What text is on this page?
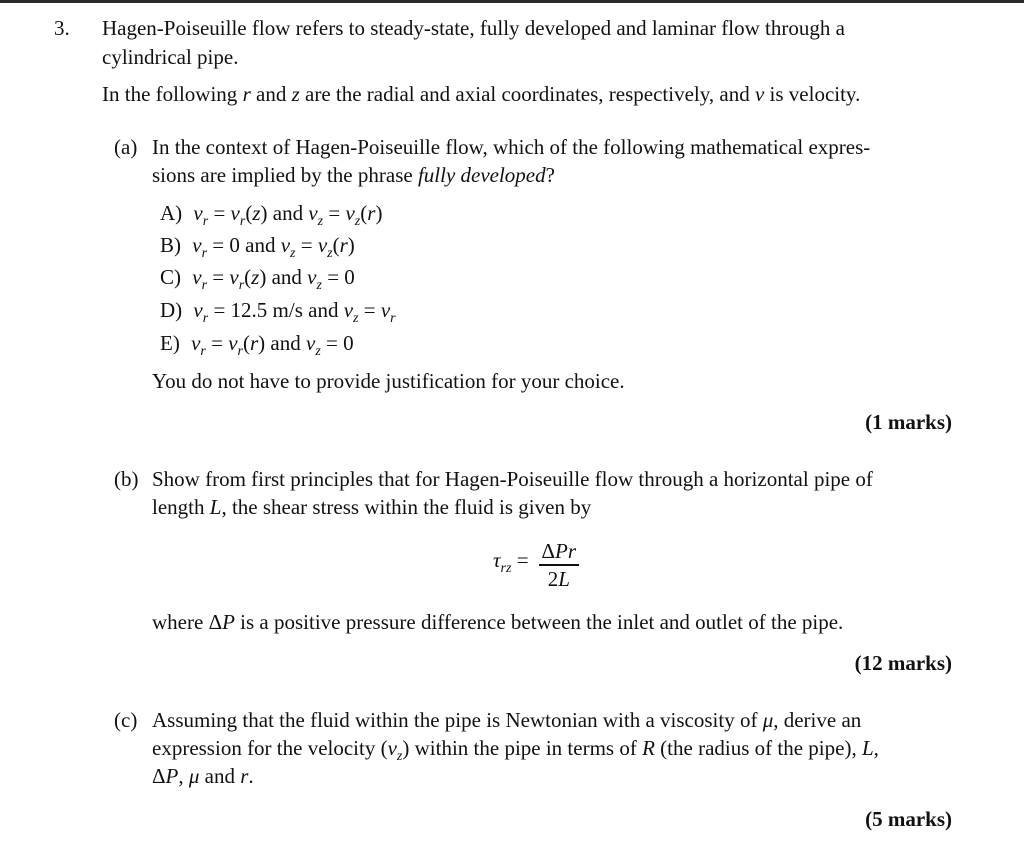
3. Hagen-Poiseuille flow refers to steady-state, fully developed and laminar flow through a
cylindrical pipe.
In the following r and z are the radial and axial coordinates, respectively, and v is velocity.
(a) In the context of Hagen-Poiseuille flow, which of the following mathematical expres-
sions are implied by the phrase fully developed?
A) $v_r = v_r(z)$ and $v_z = v_z(r)$
B) $v_r = 0$ and $v_z = v_z(r)$
C) $v_r = v_r(z)$ and $v_z = 0$
D) $v_r = 12.5$ m/s and $v_z = v_r$
E) $v_r = v_r(r)$ and $v_z = 0$
You do not have to provide justification for your choice.
(1 marks)
(b) Show from first principles that for Hagen-Poiseuille flow through a horizontal pipe of
length L, the shear stress within the fluid is given by
$\tau_{rz} = \frac{\text{ΔPr}}{2L}$
where ΔP is a positive pressure difference between the inlet and outlet of the pipe.
(12 marks)
(c) Assuming that the fluid within the pipe is Newtonian with a viscosity of μ, derive an
expression for the velocity $(v_z)$ within the pipe in terms of R (the radius of the pipe), L,
ΔP, μ and r.
(5 marks)
